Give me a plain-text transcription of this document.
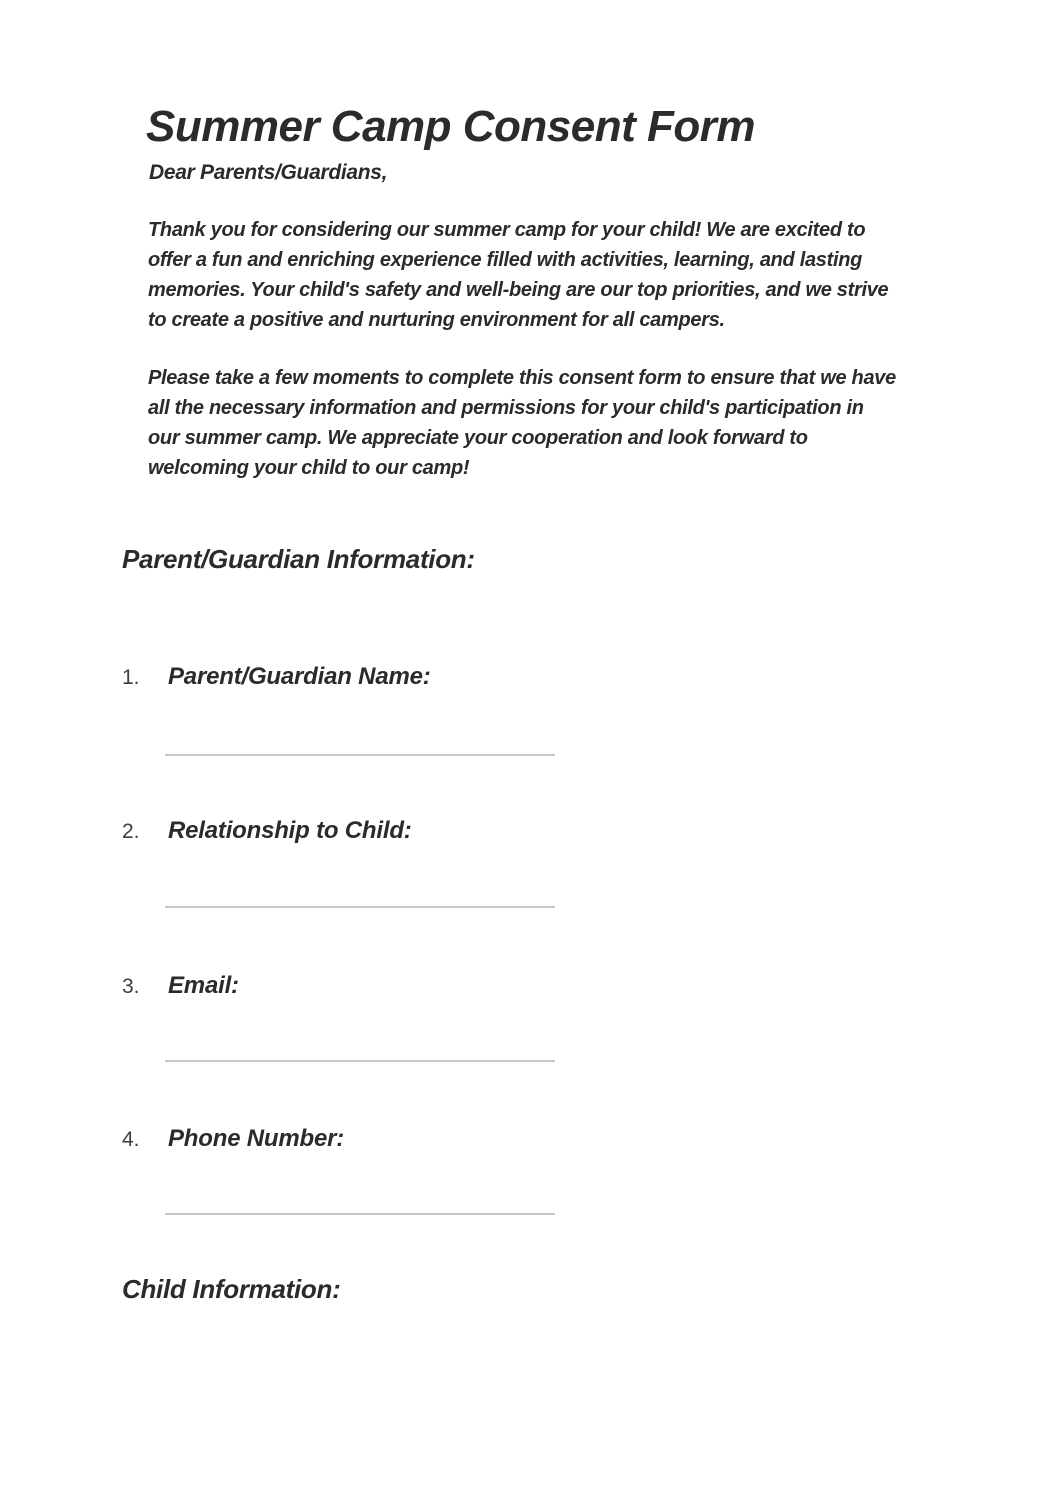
Summer Camp Consent Form
Dear Parents/Guardians,
Thank you for considering our summer camp for your child! We are excited to
offer a fun and enriching experience filled with activities, learning, and lasting
memories. Your child's safety and well-being are our top priorities, and we strive
to create a positive and nurturing environment for all campers.
Please take a few moments to complete this consent form to ensure that we have
all the necessary information and permissions for your child's participation in
our summer camp. We appreciate your cooperation and look forward to
welcoming your child to our camp!
Parent/Guardian Information:
1.	Parent/Guardian Name:
2.	Relationship to Child:
3.	Email:
4.	Phone Number:
Child Information:
